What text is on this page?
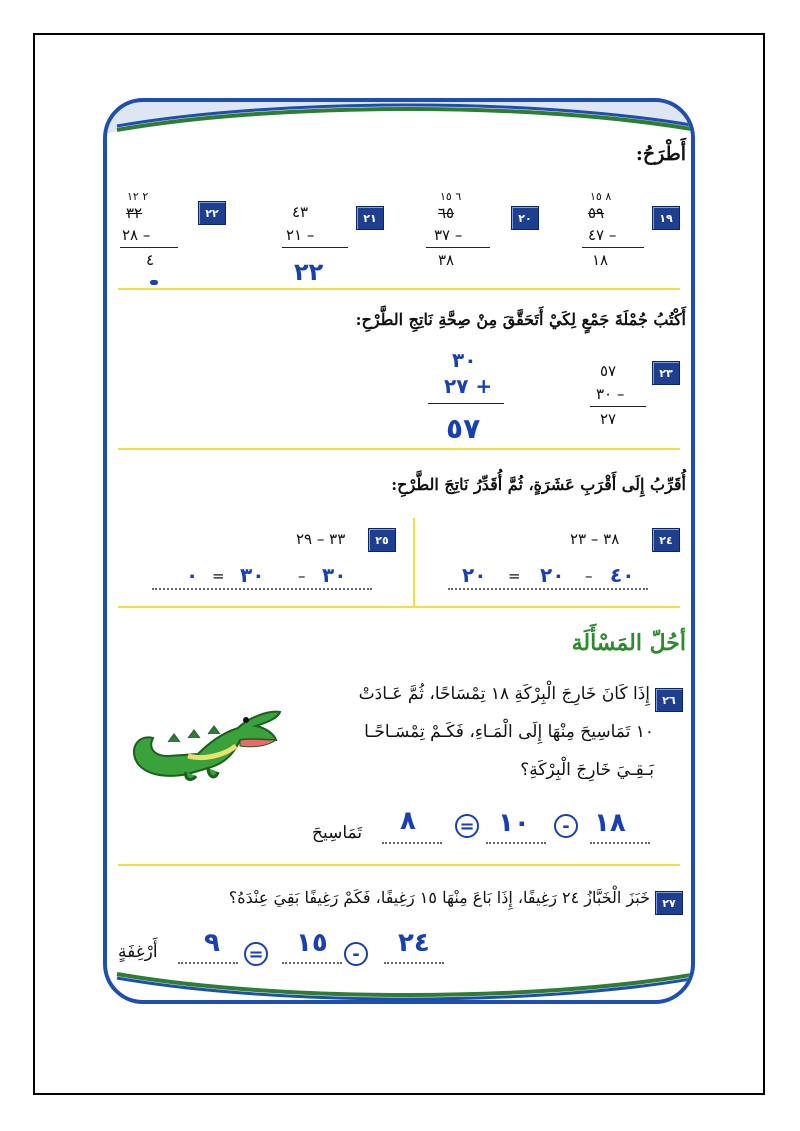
أَطْرَحُ:
١٩
٨ ١٥
٥٩
٤٧ –
١٨
٢٠
٦ ١٥
٦٥
٣٧ –
٣٨
٢١
٤٣
٢١ –
٢٢
٢٢
٢ ١٢
٣٢
٢٨ –
٤
أَكْتُبُ جُمْلَةَ جَمْعٍ لِكَيْ أَتَحَقَّقَ مِنْ صِحَّةِ نَاتِجِ الطَّرْحِ:
٢٣
٥٧
٣٠ –
٢٧
٣٠
٢٧ +
٥٧
أُقَرِّبُ إِلَى أَقْرَبِ عَشَرَةٍ، ثُمَّ أُقَدِّرُ نَاتِجَ الطَّرْحِ:
٢٤
٣٨ – ٢٣
٤٠
–
٢٠
=
٢٠
٢٥
٣٣ – ٢٩
٣٠
–
٣٠
=
٠
أحُلّ المَسْأَلَة
٢٦
إِذَا كَانَ خَارِجَ الْبِرْكَةِ ١٨ تِمْسَاحًا، ثُمَّ عَـادَتْ
١٠ تَمَاسِيحَ مِنْهَا إِلَى الْمَـاءِ، فَكَـمْ تِمْسَـاحًـا
بَـقِـيَ خَارِجَ الْبِرْكَةِ؟
١٨
-
١٠
=
٨
تَمَاسِيحَ
٢٧
خَبَزَ الْخَبَّازُ ٢٤ رَغِيفًا، إِذَا بَاعَ مِنْهَا ١٥ رَغِيفًا، فَكَمْ رَغِيفًا بَقِيَ عِنْدَهُ؟
٢٤
-
١٥
=
٩
أَرْغِفَةٍ
